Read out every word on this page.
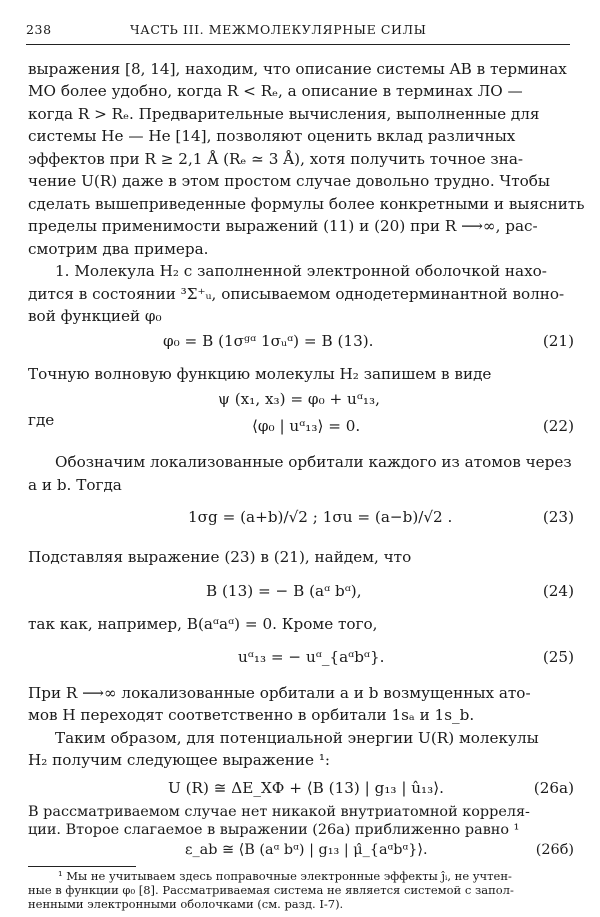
238	ЧАСТЬ III. МЕЖМОЛЕКУЛЯРНЫЕ СИЛЫ
выражения [8, 14], находим, что описание системы AB в терминах
МО более удобно, когда R < Rₑ, а описание в терминах ЛО —
когда R > Rₑ. Предварительные вычисления, выполненные для
системы He — He [14], позволяют оценить вклад различных
эффектов при R ≥ 2,1 Å (Rₑ ≃ 3 Å), хотя получить точное зна-
чение U(R) даже в этом простом случае довольно трудно. Чтобы
сделать вышеприведенные формулы более конкретными и выяснить
пределы применимости выражений (11) и (20) при R ⟶∞, рас-
смотрим два примера.
1. Молекула H₂ с заполненной электронной оболочкой нахо-
дится в состоянии ³Σ⁺ᵤ, описываемом однодетерминантной волно-
вой функцией φ₀
φ₀ = B (1σᵍᵅ 1σᵤᵅ) = B (13).	(21)
Точную волновую функцию молекулы H₂ запишем в виде
ψ (x₁, x₃) = φ₀ + uᵅ₁₃,
где	⟨φ₀ | uᵅ₁₃⟩ = 0.	(22)
Обозначим локализованные орбитали каждого из атомов через
a и b. Тогда
1σg = (a+b)/√2 ; 1σu = (a−b)/√2 .	(23)
Подставляя выражение (23) в (21), найдем, что
B (13) = − B (aᵅ bᵅ),	(24)
так как, например, B(aᵅaᵅ) = 0. Кроме того,
uᵅ₁₃ = − uᵅ_{aᵅbᵅ}.	(25)
При R ⟶∞ локализованные орбитали a и b возмущенных ато-
мов H переходят соответственно в орбитали 1sₐ и 1s_b.
Таким образом, для потенциальной энергии U(R) молекулы
H₂ получим следующее выражение ¹:
U (R) ≅ ΔE_ХФ + ⟨B (13) | g₁₃ | û₁₃⟩.	(26а)
В рассматриваемом случае нет никакой внутриатомной корреля-
ции. Второе слагаемое в выражении (26а) приближенно равно ¹
ε_ab ≅ ⟨B (aᵅ bᵅ) | g₁₃ | μ̂_{aᵅbᵅ}⟩.	(26б)
¹ Мы не учитываем здесь поправочные электронные эффекты ĵᵢ, не учтен-
ные в функции φ₀ [8]. Рассматриваемая система не является системой с запол-
ненными электронными оболочками (см. разд. I-7).
